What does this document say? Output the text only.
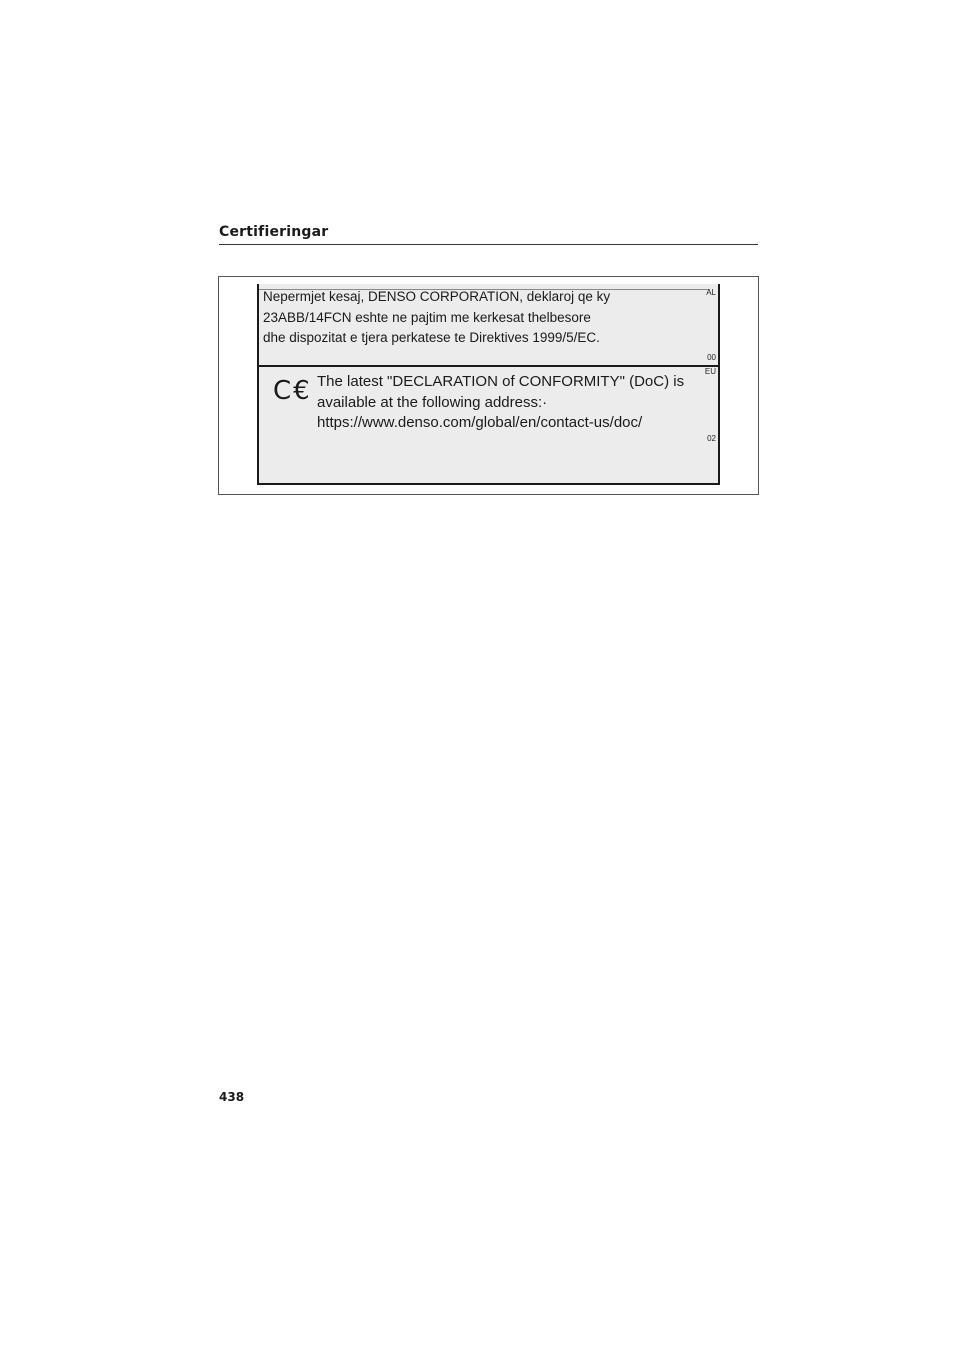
Certifieringar
Nepermjet kesaj, DENSO CORPORATION, deklaroj qe ky
23ABB/14FCN eshte ne pajtim me kerkesat thelbesore
dhe dispozitat e tjera perkatese te Direktives 1999/5/EC.
AL
00
EU
C€ The latest "DECLARATION of CONFORMITY" (DoC) is
available at the following address:·
https://www.denso.com/global/en/contact-us/doc/
02
438
